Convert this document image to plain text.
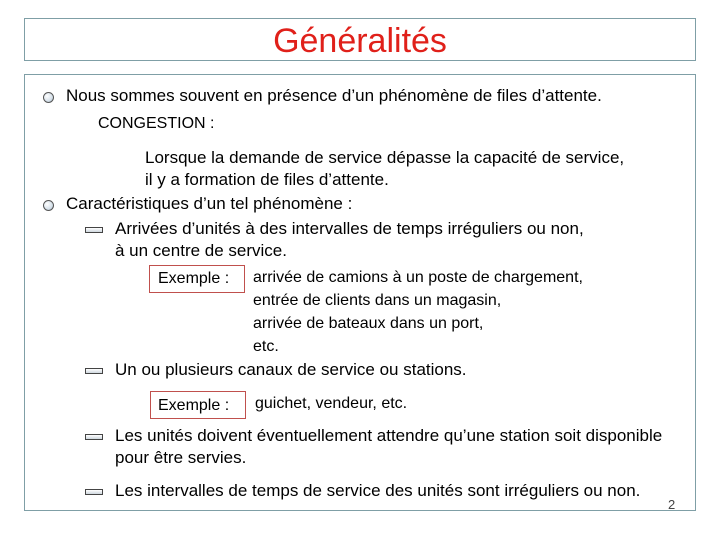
Généralités
Nous sommes souvent en présence d’un phénomène de files d’attente.
CONGESTION :
Lorsque la demande de service dépasse la capacité de service,
il y a formation de files d’attente.
Caractéristiques d’un tel phénomène :
Arrivées d’unités à des intervalles de temps irréguliers ou non,
à un centre de service.
Exemple : arrivée de camions à un poste de chargement,
entrée de clients dans un magasin,
arrivée de bateaux dans un port,
etc.
Un ou plusieurs canaux de service ou stations.
Exemple : guichet, vendeur, etc.
Les unités doivent éventuellement attendre qu’une station soit disponible
pour être servies.
Les intervalles de temps de service des unités sont irréguliers ou non.
2
